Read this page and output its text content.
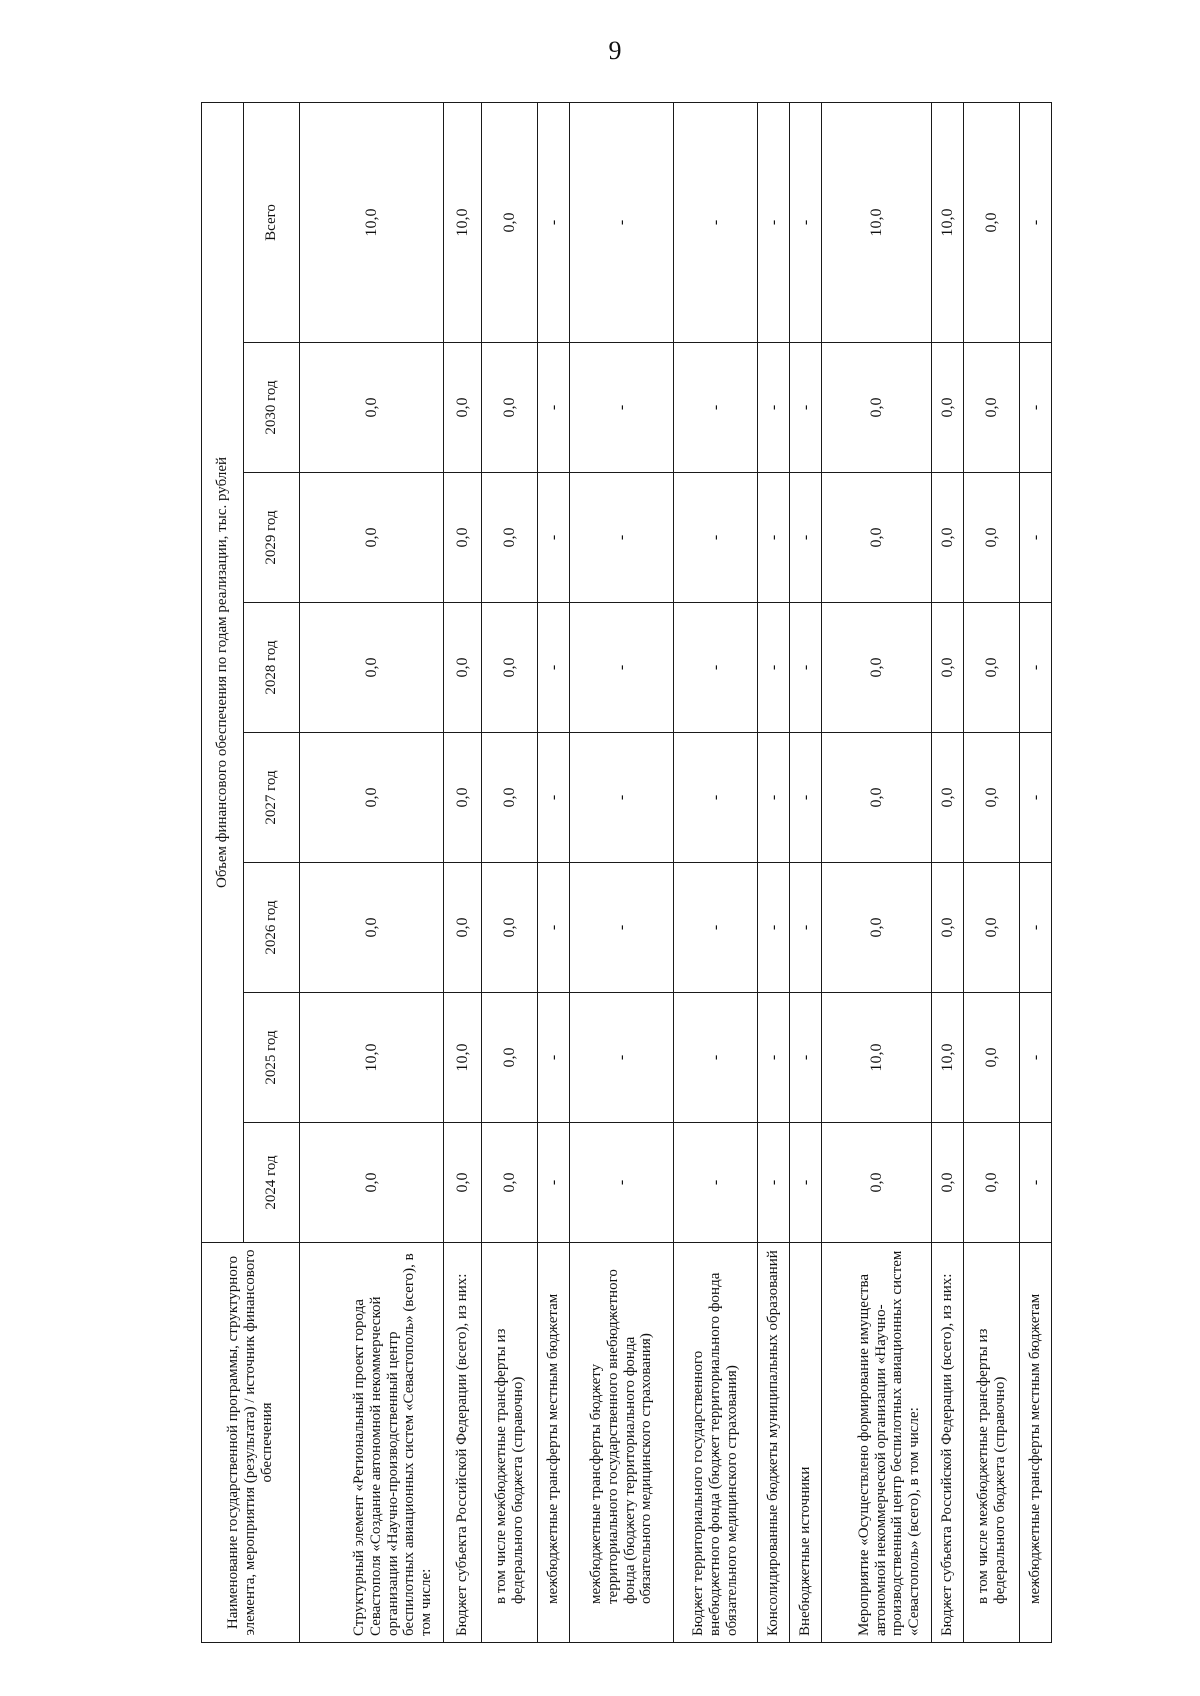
9
Наименование государственной программы, структурного элемента, мероприятия (результата) / источник финансового обеспечения	Объем финансового обеспечения по годам реализации, тыс. рублей							
	2024 год	2025 год	2026 год	2027 год	2028 год	2029 год	2030 год	Всего
Структурный элемент «Региональный проект города Севастополя «Создание автономной некоммерческой организации «Научно-производственный центр беспилотных авиационных систем «Севастополь» (всего), в том числе:	0,0	10,0	0,0	0,0	0,0	0,0	0,0	10,0
Бюджет субъекта Российской Федерации (всего), из них:	0,0	10,0	0,0	0,0	0,0	0,0	0,0	10,0
в том числе межбюджетные трансферты из федерального бюджета (справочно)	0,0	0,0	0,0	0,0	0,0	0,0	0,0	0,0
межбюджетные трансферты местным бюджетам	-	-	-	-	-	-	-	-
межбюджетные трансферты бюджету территориального государственного внебюджетного фонда (бюджету территориального фонда обязательного медицинского страхования)	-	-	-	-	-	-	-	-
Бюджет территориального государственного внебюджетного фонда (бюджет территориального фонда обязательного медицинского страхования)	-	-	-	-	-	-	-	-
Консолидированные бюджеты муниципальных образований	-	-	-	-	-	-	-	-
Внебюджетные источники	-	-	-	-	-	-	-	-
Мероприятие «Осуществлено формирование имущества автономной некоммерческой организации «Научно-производственный центр беспилотных авиационных систем «Севастополь» (всего), в том числе:	0,0	10,0	0,0	0,0	0,0	0,0	0,0	10,0
Бюджет субъекта Российской Федерации (всего), из них:	0,0	10,0	0,0	0,0	0,0	0,0	0,0	10,0
в том числе межбюджетные трансферты из федерального бюджета (справочно)	0,0	0,0	0,0	0,0	0,0	0,0	0,0	0,0
межбюджетные трансферты местным бюджетам	-	-	-	-	-	-	-	-
